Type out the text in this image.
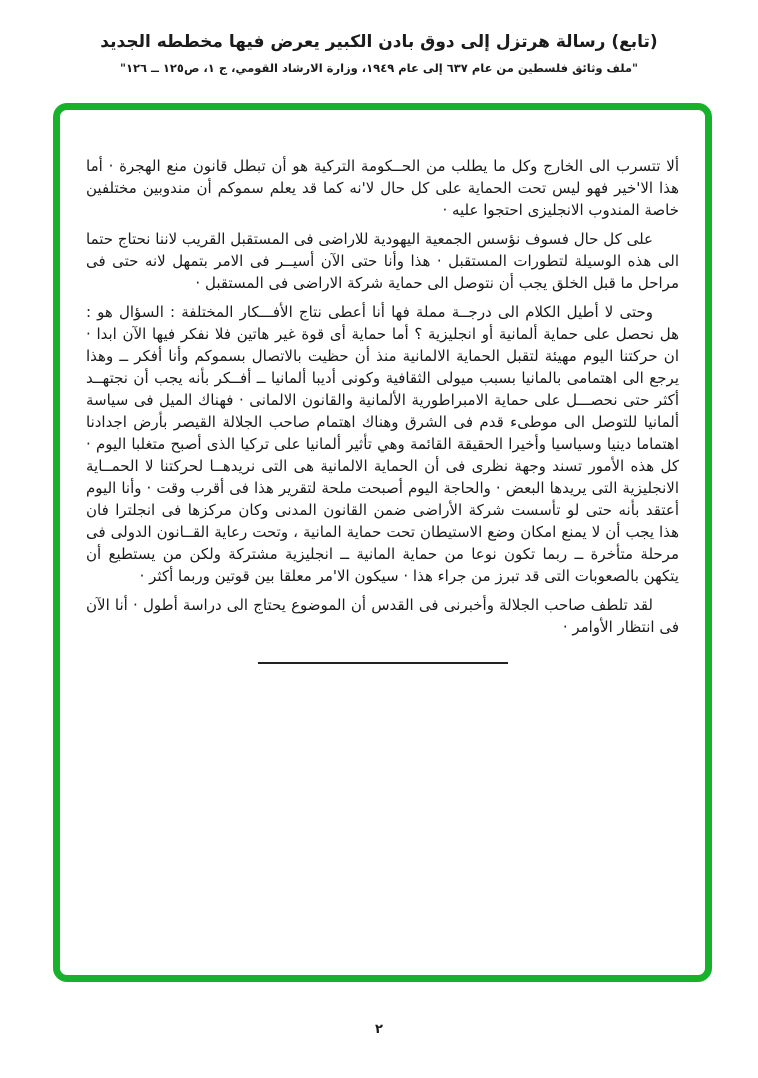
(تابع) رسالة هرتزل إلى دوق بادن الكبير يعرض فيها مخططه الجديد
"ملف وثائق فلسطين من عام ٦٣٧ إلى عام ١٩٤٩، وزارة الارشاد القومي، ج ١، ص١٢٥ ــ ١٢٦"

ألا تتسرب الى الخارج وكل ما يطلب من الحــكومة التركية هو أن تبطل قانون منع الهجرة · أما هذا الا'خير فهو ليس تحت الحماية على كل حال لا'نه كما قد يعلم سموكم أن مندوبين مختلفين خاصة المندوب الانجليزى احتجوا عليه ·

على كل حال فسوف نؤسس الجمعية اليهودية للاراضى فى المستقبل القريب لاننا نحتاج حتما الى هذه الوسيلة لتطورات المستقبل · هذا وأنا حتى الآن أسيــر فى الامر بتمهل لانه حتى فى مراحل ما قبل الخلق يجب أن نتوصل الى حماية شركة الاراضى فى المستقبل ·

وحتى لا أطيل الكلام الى درجــة مملة فها أنا أعطى نتاج الأفـــكار المختلفة : السؤال هو : هل نحصل على حماية ألمانية أو انجليزية ؟ أما حماية أى قوة غير هاتين فلا نفكر فيها الآن ابدا · ان حركتنا اليوم مهيئة لتقبل الحماية الالمانية منذ أن حظيت بالاتصال بسموكم وأنا أفكر ــ وهذا يرجع الى اهتمامى بالمانيا بسبب ميولى الثقافية وكونى أديبا ألمانيا ــ أفــكر بأنه يجب أن نجتهــد أكثر حتى نحصـــل على حماية الامبراطورية الألمانية والقانون الالمانى · فهناك الميل فى سياسة ألمانيا للتوصل الى موطىء قدم فى الشرق وهناك اهتمام صاحب الجلالة القيصر بأرض اجدادنا اهتماما دينيا وسياسيا وأخيرا الحقيقة القائمة وهي تأثير ألمانيا على تركيا الذى أصبح متغلبا اليوم · كل هذه الأمور تسند وجهة نظرى فى أن الحماية الالمانية هى التى نريدهــا لحركتنا لا الحمــاية الانجليزية التى يريدها البعض · والحاجة اليوم أصبحت ملحة لتقرير هذا فى أقرب وقت · وأنا اليوم أعتقد بأنه حتى لو تأسست شركة الأراضى ضمن القانون المدنى وكان مركزها فى انجلترا فان هذا يجب أن لا يمنع امكان وضع الاستيطان تحت حماية المانية ، وتحت رعاية القــانون الدولى فى مرحلة متأخرة ــ ربما تكون نوعا من حماية المانية ــ انجليزية مشتركة ولكن من يستطيع أن يتكهن بالصعوبات التى قد تبرز من جراء هذا · سيكون الا'مر معلقا بين قوتين وربما أكثر ·

لقد تلطف صاحب الجلالة وأخبرنى فى القدس أن الموضوع يحتاج الى دراسة أطول · أنا الآن فى انتظار الأوامر ·

٢
